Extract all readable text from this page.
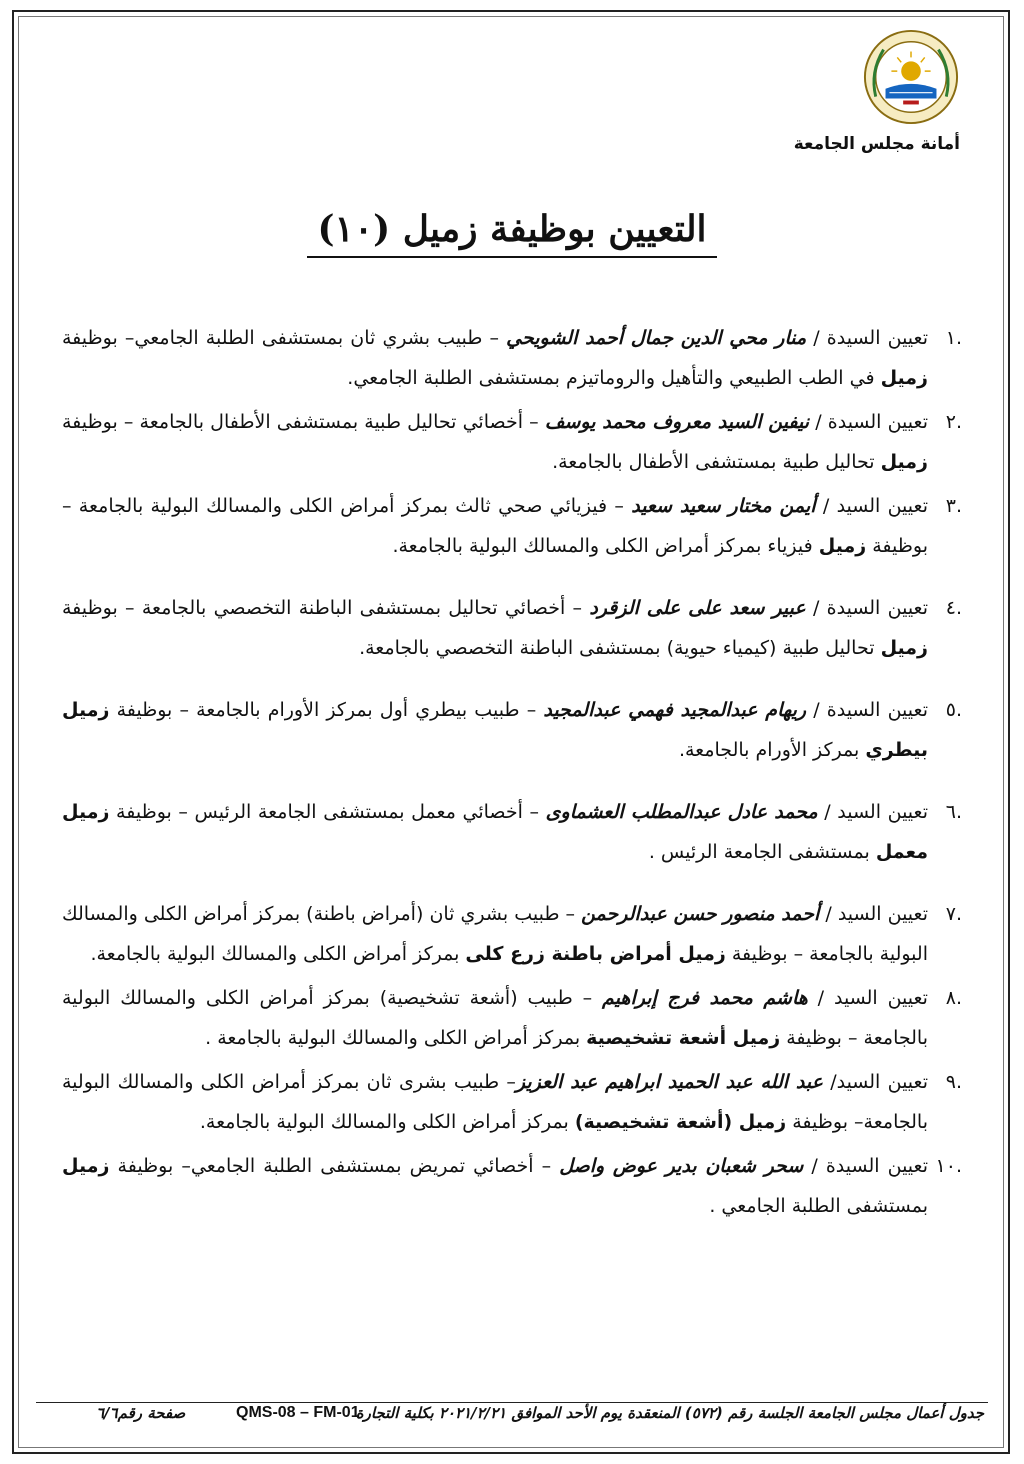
أمانة مجلس الجامعة
التعيين بوظيفة زميل (١٠)
.١
تعيين السيدة / منار محي الدين جمال أحمد الشويحي – طبيب بشري ثان بمستشفى الطلبة الجامعي– بوظيفة زميل في الطب الطبيعي والتأهيل والروماتيزم بمستشفى الطلبة الجامعي.
.٢
تعيين السيدة / نيفين السيد معروف محمد يوسف – أخصائي تحاليل طبية بمستشفى الأطفال بالجامعة – بوظيفة زميل تحاليل طبية بمستشفى الأطفال بالجامعة.
.٣
تعيين السيد / أيمن مختار سعيد سعيد – فيزيائي صحي ثالث بمركز أمراض الكلى والمسالك البولية بالجامعة – بوظيفة زميل فيزياء بمركز أمراض الكلى والمسالك البولية بالجامعة.
.٤
تعيين السيدة / عبير سعد على على الزقرد – أخصائي تحاليل بمستشفى الباطنة التخصصي بالجامعة – بوظيفة زميل تحاليل طبية (كيمياء حيوية) بمستشفى الباطنة التخصصي بالجامعة.
.٥
تعيين السيدة / ريهام عبدالمجيد فهمي عبدالمجيد – طبيب بيطري أول بمركز الأورام بالجامعة – بوظيفة زميل بيطري بمركز الأورام بالجامعة.
.٦
تعيين السيد / محمد عادل عبدالمطلب العشماوى – أخصائي معمل بمستشفى الجامعة الرئيس – بوظيفة زميل معمل بمستشفى الجامعة الرئيس .
.٧
تعيين السيد / أحمد منصور حسن عبدالرحمن – طبيب بشري ثان (أمراض باطنة) بمركز أمراض الكلى والمسالك البولية بالجامعة – بوظيفة زميل أمراض باطنة زرع كلى بمركز أمراض الكلى والمسالك البولية بالجامعة.
.٨
تعيين السيد / هاشم محمد فرج إبراهيم – طبيب (أشعة تشخيصية) بمركز أمراض الكلى والمسالك البولية بالجامعة – بوظيفة زميل أشعة تشخيصية بمركز أمراض الكلى والمسالك البولية بالجامعة .
.٩
تعيين السيد/ عبد الله عبد الحميد ابراهيم عبد العزيز– طبيب بشرى ثان بمركز أمراض الكلى والمسالك البولية بالجامعة– بوظيفة زميل (أشعة تشخيصية) بمركز أمراض الكلى والمسالك البولية بالجامعة.
.١٠
تعيين السيدة / سحر شعبان بدير عوض واصل – أخصائي تمريض بمستشفى الطلبة الجامعي– بوظيفة زميل بمستشفى الطلبة الجامعي .
جدول أعمال مجلس الجامعة الجلسة رقم (٥٧٢) المنعقدة يوم الأحد الموافق ٢٠٢١/٢/٢١ بكلية التجارة
QMS-08 – FM-01
صفحة رقم٦/٦
